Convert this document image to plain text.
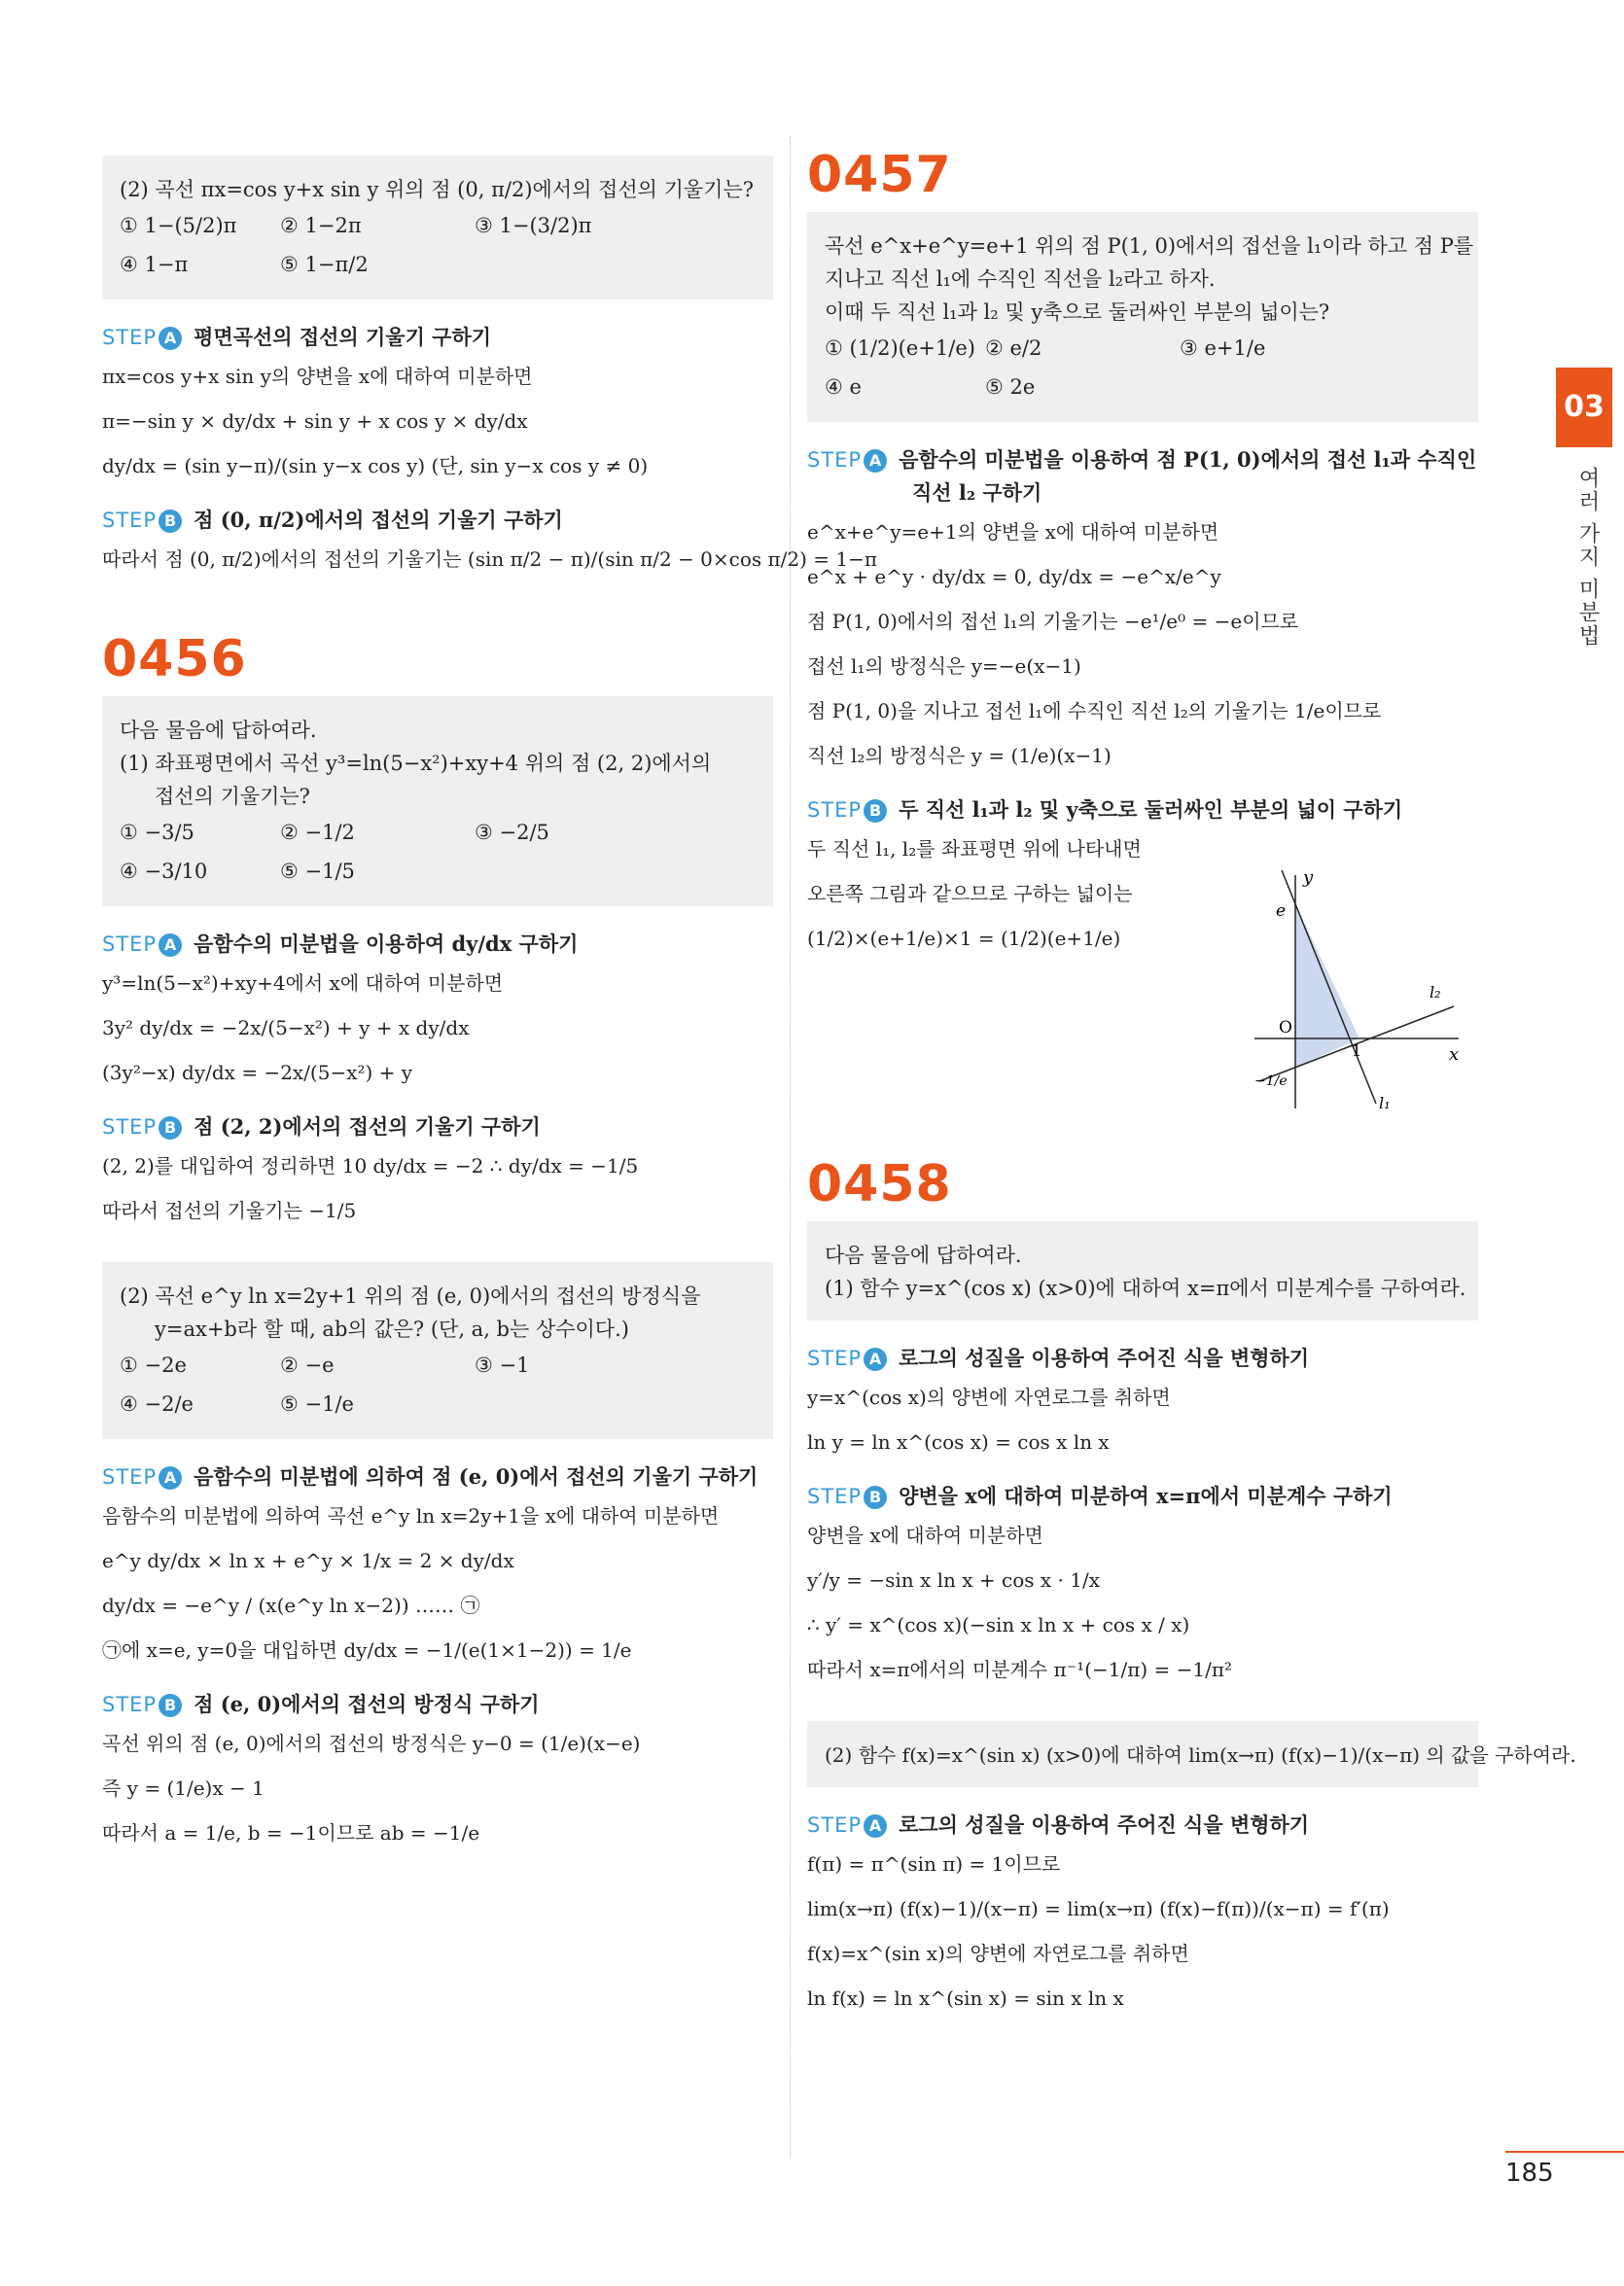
03
여러 가지 미분법
185
(2) 곡선 πx=cos y+x sin y 위의 점 (0, π/2)에서의 접선의 기울기는?
① 1−(5/2)π	② 1−2π	③ 1−(3/2)π
④ 1−π	⑤ 1−π/2
STEP A 평면곡선의 접선의 기울기 구하기
πx=cos y+x sin y의 양변을 x에 대하여 미분하면
π=−sin y × dy/dx + sin y + x cos y × dy/dx
dy/dx = (sin y−π)/(sin y−x cos y) (단, sin y−x cos y ≠ 0)
STEP B 점 (0, π/2)에서의 접선의 기울기 구하기
따라서 점 (0, π/2)에서의 접선의 기울기는 (sin π/2 − π)/(sin π/2 − 0×cos π/2) = 1−π
0456
다음 물음에 답하여라.
(1) 좌표평면에서 곡선 y³=ln(5−x²)+xy+4 위의 점 (2, 2)에서의
접선의 기울기는?
① −3/5	② −1/2	③ −2/5
④ −3/10	⑤ −1/5
STEP A 음함수의 미분법을 이용하여 dy/dx 구하기
y³=ln(5−x²)+xy+4에서 x에 대하여 미분하면
3y² dy/dx = −2x/(5−x²) + y + x dy/dx
(3y²−x) dy/dx = −2x/(5−x²) + y
STEP B 점 (2, 2)에서의 접선의 기울기 구하기
(2, 2)를 대입하여 정리하면 10 dy/dx = −2 ∴ dy/dx = −1/5
따라서 접선의 기울기는 −1/5
(2) 곡선 e^y ln x=2y+1 위의 점 (e, 0)에서의 접선의 방정식을
y=ax+b라 할 때, ab의 값은? (단, a, b는 상수이다.)
① −2e	② −e	③ −1
④ −2/e	⑤ −1/e
STEP A 음함수의 미분법에 의하여 점 (e, 0)에서 접선의 기울기 구하기
음함수의 미분법에 의하여 곡선 e^y ln x=2y+1을 x에 대하여 미분하면
e^y dy/dx × ln x + e^y × 1/x = 2 × dy/dx
dy/dx = −e^y / (x(e^y ln x−2)) …… ㉠
㉠에 x=e, y=0을 대입하면 dy/dx = −1/(e(1×1−2)) = 1/e
STEP B 점 (e, 0)에서의 접선의 방정식 구하기
곡선 위의 점 (e, 0)에서의 접선의 방정식은 y−0 = (1/e)(x−e)
즉 y = (1/e)x − 1
따라서 a = 1/e, b = −1이므로 ab = −1/e
0457
곡선 e^x+e^y=e+1 위의 점 P(1, 0)에서의 접선을 l₁이라 하고 점 P를
지나고 직선 l₁에 수직인 직선을 l₂라고 하자.
이때 두 직선 l₁과 l₂ 및 y축으로 둘러싸인 부분의 넓이는?
① (1/2)(e+1/e) ② e/2	③ e+1/e
④ e	⑤ 2e
STEP A 음함수의 미분법을 이용하여 점 P(1, 0)에서의 접선 l₁과 수직인
직선 l₂ 구하기
e^x+e^y=e+1의 양변을 x에 대하여 미분하면
e^x + e^y · dy/dx = 0, dy/dx = −e^x/e^y
점 P(1, 0)에서의 접선 l₁의 기울기는 −e¹/e⁰ = −e이므로
접선 l₁의 방정식은 y=−e(x−1)
점 P(1, 0)을 지나고 접선 l₁에 수직인 직선 l₂의 기울기는 1/e이므로
직선 l₂의 방정식은 y = (1/e)(x−1)
STEP B 두 직선 l₁과 l₂ 및 y축으로 둘러싸인 부분의 넓이 구하기
두 직선 l₁, l₂를 좌표평면 위에 나타내면
오른쪽 그림과 같으므로 구하는 넓이는
(1/2)×(e+1/e)×1 = (1/2)(e+1/e)
0458
다음 물음에 답하여라.
(1) 함수 y=x^(cos x) (x>0)에 대하여 x=π에서 미분계수를 구하여라.
STEP A 로그의 성질을 이용하여 주어진 식을 변형하기
y=x^(cos x)의 양변에 자연로그를 취하면
ln y = ln x^(cos x) = cos x ln x
STEP B 양변을 x에 대하여 미분하여 x=π에서 미분계수 구하기
양변을 x에 대하여 미분하면
y′/y = −sin x ln x + cos x · 1/x
∴ y′ = x^(cos x)(−sin x ln x + cos x / x)
따라서 x=π에서의 미분계수 π⁻¹(−1/π) = −1/π²
(2) 함수 f(x)=x^(sin x) (x>0)에 대하여 lim(x→π) (f(x)−1)/(x−π) 의 값을 구하여라.
STEP A 로그의 성질을 이용하여 주어진 식을 변형하기
f(π) = π^(sin π) = 1이므로
lim(x→π) (f(x)−1)/(x−π) = lim(x→π) (f(x)−f(π))/(x−π) = f′(π)
f(x)=x^(sin x)의 양변에 자연로그를 취하면
ln f(x) = ln x^(sin x) = sin x ln x
y
x
O
e
1
−1/e
l₁
l₂
